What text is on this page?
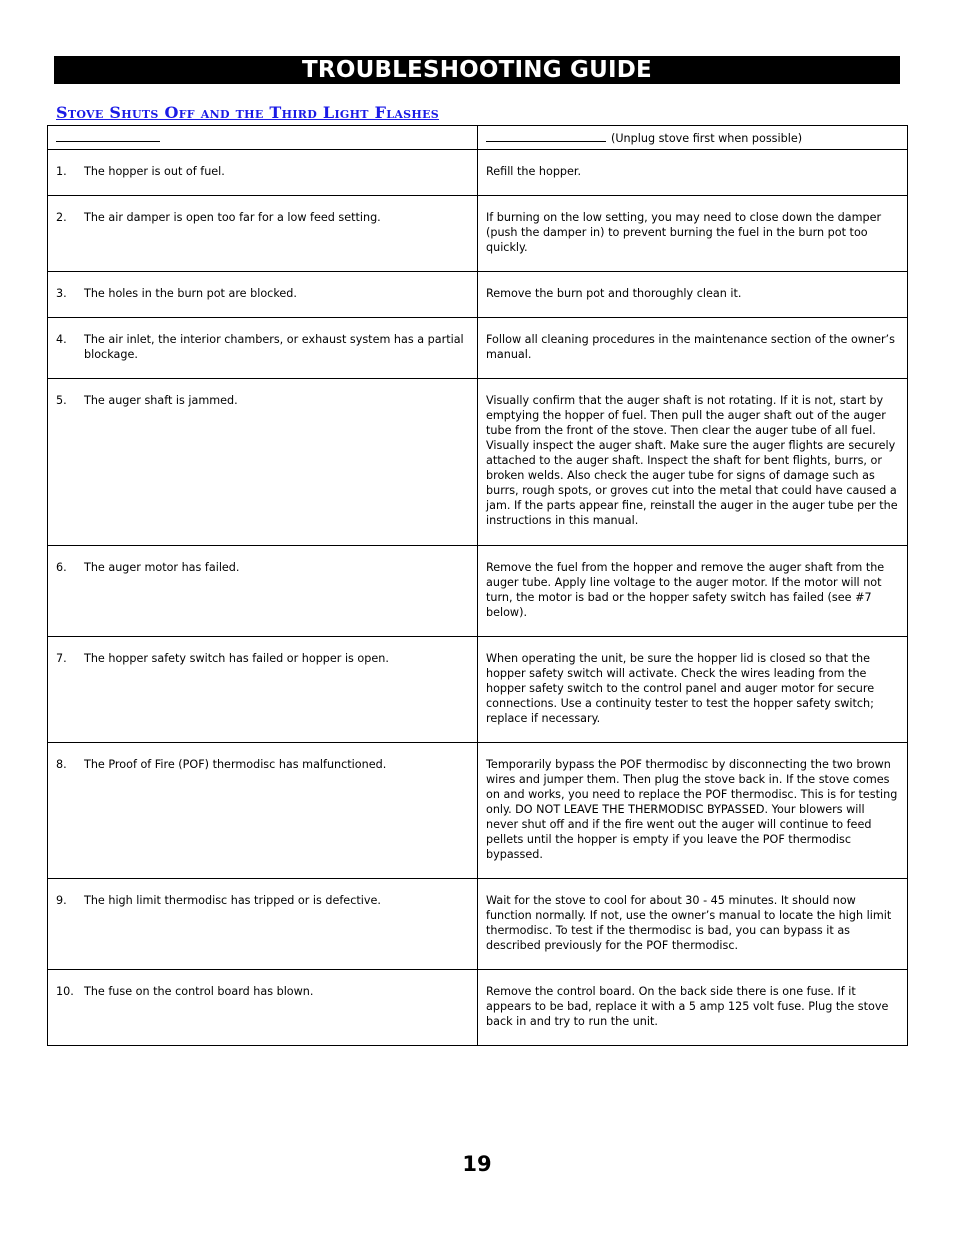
TROUBLESHOOTING GUIDE
Stove Shuts Off and the Third Light Flashes
	(Unplug stove first when possible)

1. The hopper is out of fuel.	Refill the hopper.

2. The air damper is open too far for a low feed setting.	If burning on the low setting, you may need to close down the damper (push the damper in) to prevent burning the fuel in the burn pot too quickly.

3. The holes in the burn pot are blocked.	Remove the burn pot and thoroughly clean it.

4. The air inlet, the interior chambers, or exhaust system has a partial blockage.	Follow all cleaning procedures in the maintenance section of the owner’s manual.

5. The auger shaft is jammed.	Visually confirm that the auger shaft is not rotating. If it is not, start by emptying the hopper of fuel. Then pull the auger shaft out of the auger tube from the front of the stove. Then clear the auger tube of all fuel. Visually inspect the auger shaft. Make sure the auger flights are securely attached to the auger shaft. Inspect the shaft for bent flights, burrs, or broken welds. Also check the auger tube for signs of damage such as burrs, rough spots, or groves cut into the metal that could have caused a jam. If the parts appear fine, reinstall the auger in the auger tube per the instructions in this manual.

6. The auger motor has failed.	Remove the fuel from the hopper and remove the auger shaft from the auger tube. Apply line voltage to the auger motor. If the motor will not turn, the motor is bad or the hopper safety switch has failed (see #7 below).

7. The hopper safety switch has failed or hopper is open.	When operating the unit, be sure the hopper lid is closed so that the hopper safety switch will activate. Check the wires leading from the hopper safety switch to the control panel and auger motor for secure connections. Use a continuity tester to test the hopper safety switch; replace if necessary.

8. The Proof of Fire (POF) thermodisc has malfunctioned.	Temporarily bypass the POF thermodisc by disconnecting the two brown wires and jumper them. Then plug the stove back in. If the stove comes on and works, you need to replace the POF thermodisc. This is for testing only. DO NOT LEAVE THE THERMODISC BYPASSED. Your blowers will never shut off and if the fire went out the auger will continue to feed pellets until the hopper is empty if you leave the POF thermodisc bypassed.

9. The high limit thermodisc has tripped or is defective.	Wait for the stove to cool for about 30 - 45 minutes. It should now function normally. If not, use the owner’s manual to locate the high limit thermodisc. To test if the thermodisc is bad, you can bypass it as described previously for the POF thermodisc.

10. The fuse on the control board has blown.	Remove the control board. On the back side there is one fuse. If it appears to be bad, replace it with a 5 amp 125 volt fuse. Plug the stove back in and try to run the unit.
19
